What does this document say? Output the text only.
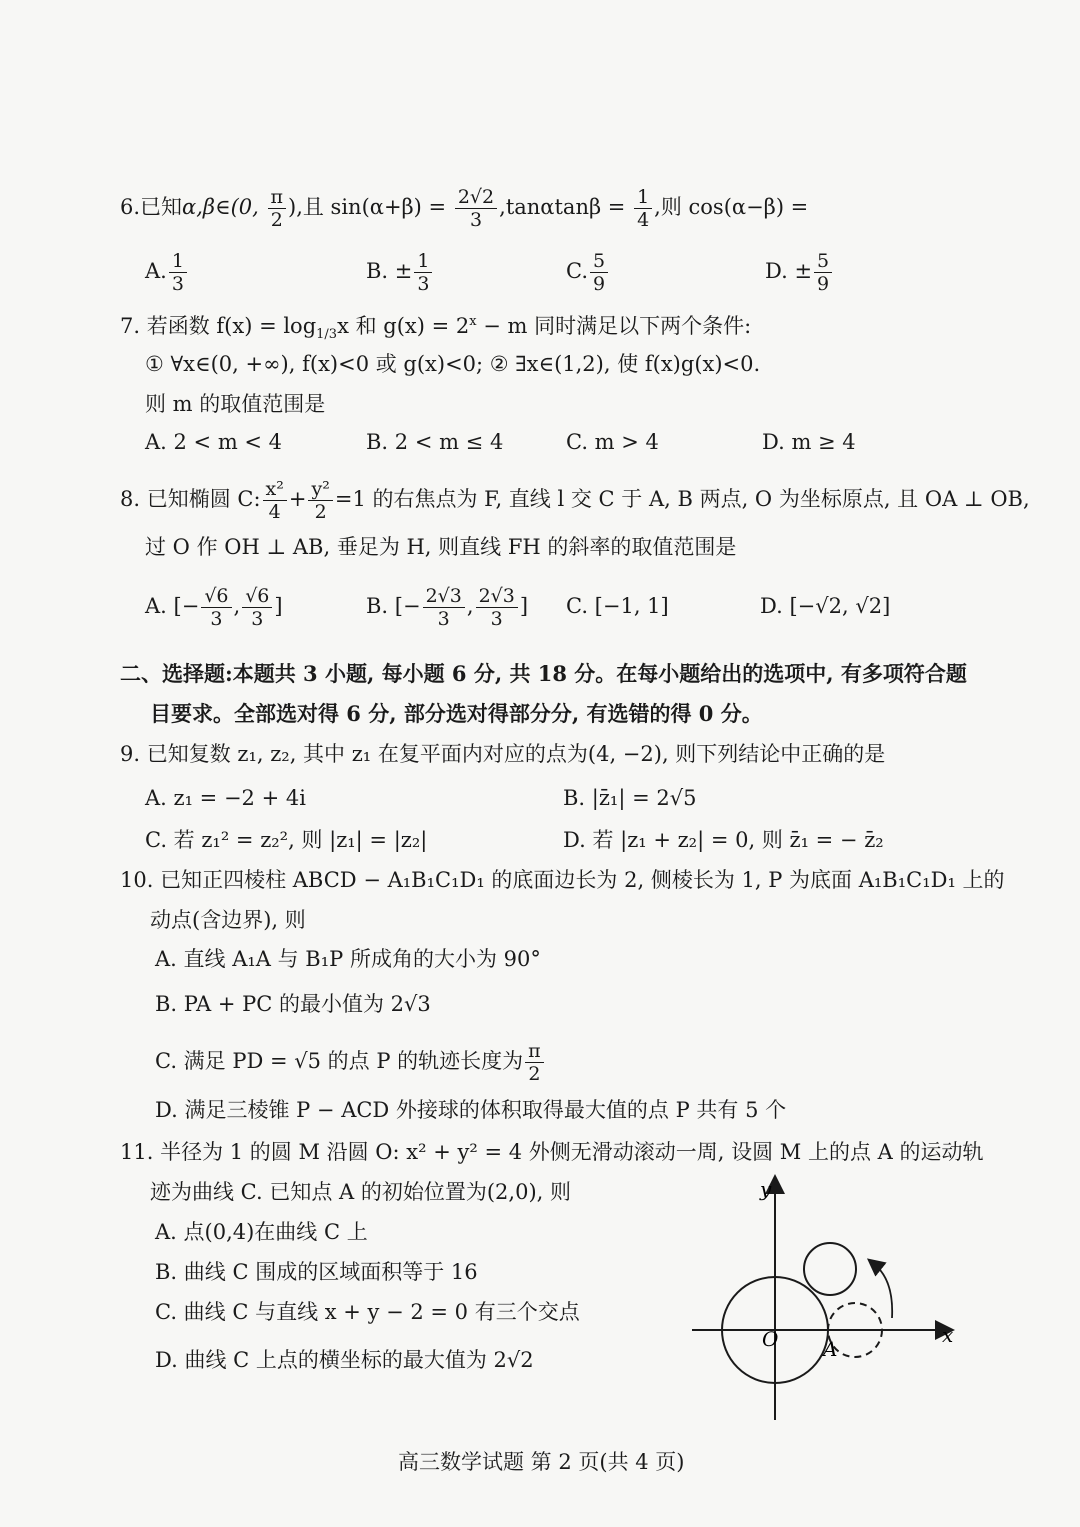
6.已知α,β∈(0, $\frac{\pi}{2}$ ),且 $\sin(\alpha+\beta) = \frac{2√2}{3} ,\tan\alpha\tan\beta = \frac{1}{4}$ ,则 cos(α−β) =
A. $\frac{1}{3}$	B. ± $\frac{1}{3}$	C. $\frac{5}{9}$	D. ± $\frac{5}{9}$
7. 若函数 $f(x) = \log_{1/3}x$ 和 $g(x) = 2^x - m$ 同时满足以下两个条件:
① ∀x∈(0, +∞), f(x)<0 或 g(x)<0; ② ∃x∈(1,2), 使 f(x)g(x)<0.
则 m 的取值范围是
A. 2 < m < 4	B. 2 < m ≤ 4	C. m > 4	D. m ≥ 4
8. 已知椭圆 C: $\frac{\text{x²}}{4} + \frac{\text{y²}}{2} =1$ 的右焦点为 F, 直线 l 交 C 于 A, B 两点, O 为坐标原点, 且 OA ⊥ OB,
过 O 作 OH ⊥ AB, 垂足为 H, 则直线 FH 的斜率的取值范围是
A. [− $\frac{√6}{3}$ , $\frac{√6}{3}$ ]	B. [− $\frac{2√3}{3}$ , $\frac{2√3}{3}$ ] C. [−1, 1]	D. [−√2, √2]
二、选择题:本题共 3 小题, 每小题 6 分, 共 18 分。在每小题给出的选项中, 有多项符合题
目要求。全部选对得 6 分, 部分选对得部分分, 有选错的得 0 分。
9. 已知复数 z₁, z₂, 其中 z₁ 在复平面内对应的点为(4, −2), 则下列结论中正确的是
A. z₁ = −2 + 4i	B. |z̄₁| = 2√5
C. 若 z₁² = z₂², 则 |z₁| = |z₂|	D. 若 |z₁ + z₂| = 0, 则 z̄₁ = − z̄₂
10. 已知正四棱柱 ABCD − A₁B₁C₁D₁ 的底面边长为 2, 侧棱长为 1, P 为底面 A₁B₁C₁D₁ 上的
动点(含边界), 则
A. 直线 A₁A 与 B₁P 所成角的大小为 90°
B. PA + PC 的最小值为 2√3
C. 满足 PD = √5 的点 P 的轨迹长度为 $\frac{\pi}{2}$
D. 满足三棱锥 P − ACD 外接球的体积取得最大值的点 P 共有 5 个
11. 半径为 1 的圆 M 沿圆 O: x² + y² = 4 外侧无滑动滚动一周, 设圆 M 上的点 A 的运动轨
迹为曲线 C. 已知点 A 的初始位置为(2,0), 则
A. 点(0,4)在曲线 C 上
B. 曲线 C 围成的区域面积等于 16
C. 曲线 C 与直线 x + y − 2 = 0 有三个交点
D. 曲线 C 上点的横坐标的最大值为 2√2
y
x
O A
高三数学试题 第 2 页(共 4 页)
